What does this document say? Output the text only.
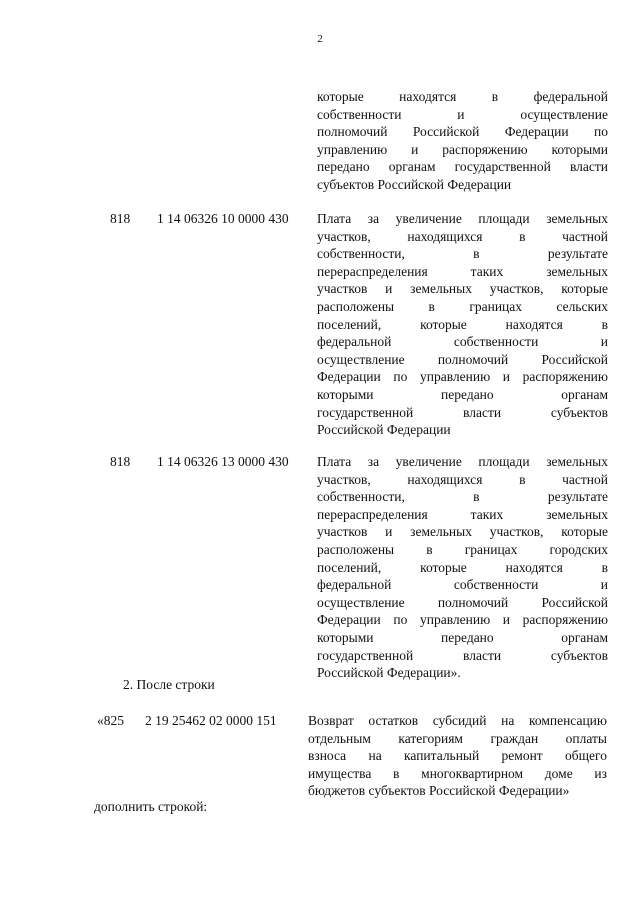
2
которые находятся в федеральной
собственности и осуществление
полномочий Российской Федерации по
управлению и распоряжению которыми
передано органам государственной власти
субъектов Российской Федерации
818 1 14 06326 10 0000 430 Плата за увеличение площади земельных
участков, находящихся в частной
собственности, в результате
перераспределения таких земельных
участков и земельных участков, которые
расположены в границах сельских
поселений, которые находятся в
федеральной собственности и
осуществление полномочий Российской
Федерации по управлению и распоряжению
которыми передано органам
государственной власти субъектов
Российской Федерации
818 1 14 06326 13 0000 430 Плата за увеличение площади земельных
участков, находящихся в частной
собственности, в результате
перераспределения таких земельных
участков и земельных участков, которые
расположены в границах городских
поселений, которые находятся в
федеральной собственности и
осуществление полномочий Российской
Федерации по управлению и распоряжению
которыми передано органам
государственной власти субъектов
Российской Федерации».
2. После строки
«825 2 19 25462 02 0000 151 Возврат остатков субсидий на компенсацию
отдельным категориям граждан оплаты
взноса на капитальный ремонт общего
имущества в многоквартирном доме из
бюджетов субъектов Российской Федерации»
дополнить строкой:
